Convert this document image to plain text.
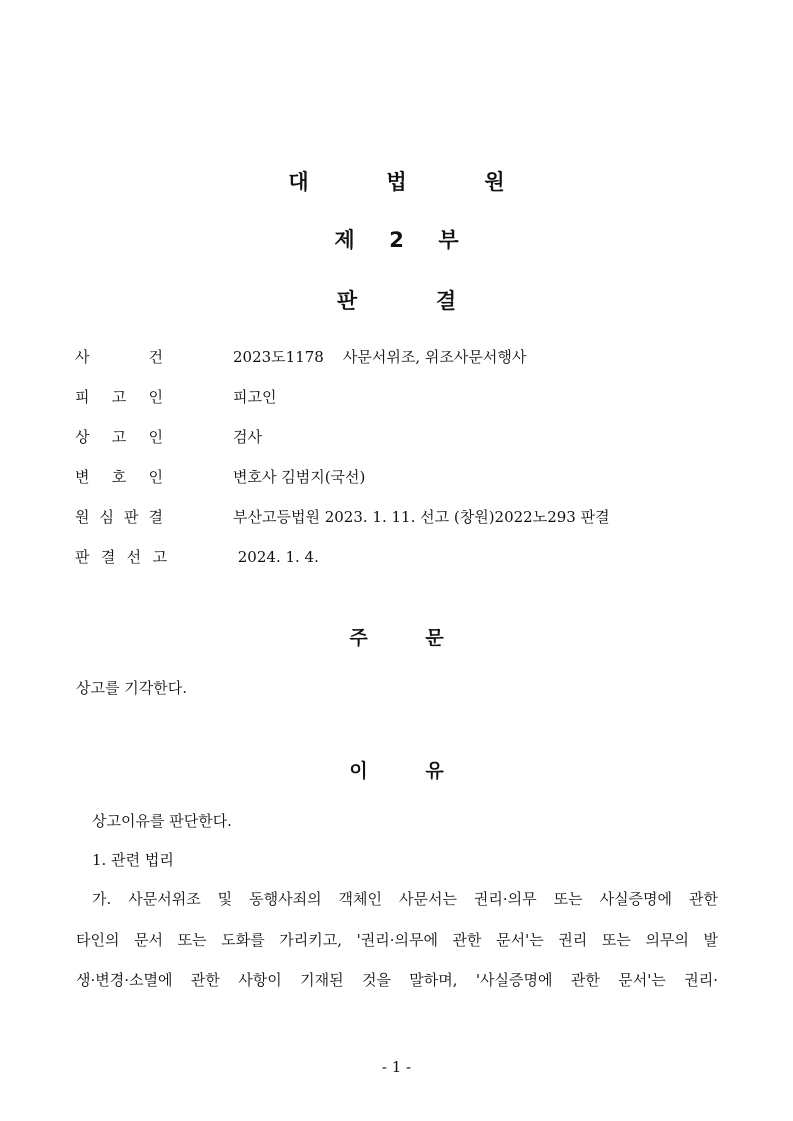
대	법	원
제 2 부
판	결
사	건	2023도1178    사문서위조, 위조사문서행사
피 고 인	피고인
상 고 인	검사
변 호 인	변호사 김범지(국선)
원 심 판 결	부산고등법원 2023. 1. 11. 선고 (창원)2022노293 판결
판 결 선 고	2024. 1. 4.
주	문
상고를 기각한다.
이	유
상고이유를 판단한다.
1. 관련 법리
가. 사문서위조 및 동행사죄의 객체인 사문서는 권리·의무 또는 사실증명에 관한
타인의 문서 또는 도화를 가리키고, '권리·의무에 관한 문서'는 권리 또는 의무의 발
생·변경·소멸에 관한 사항이 기재된 것을 말하며, '사실증명에 관한 문서'는 권리·
- 1 -
